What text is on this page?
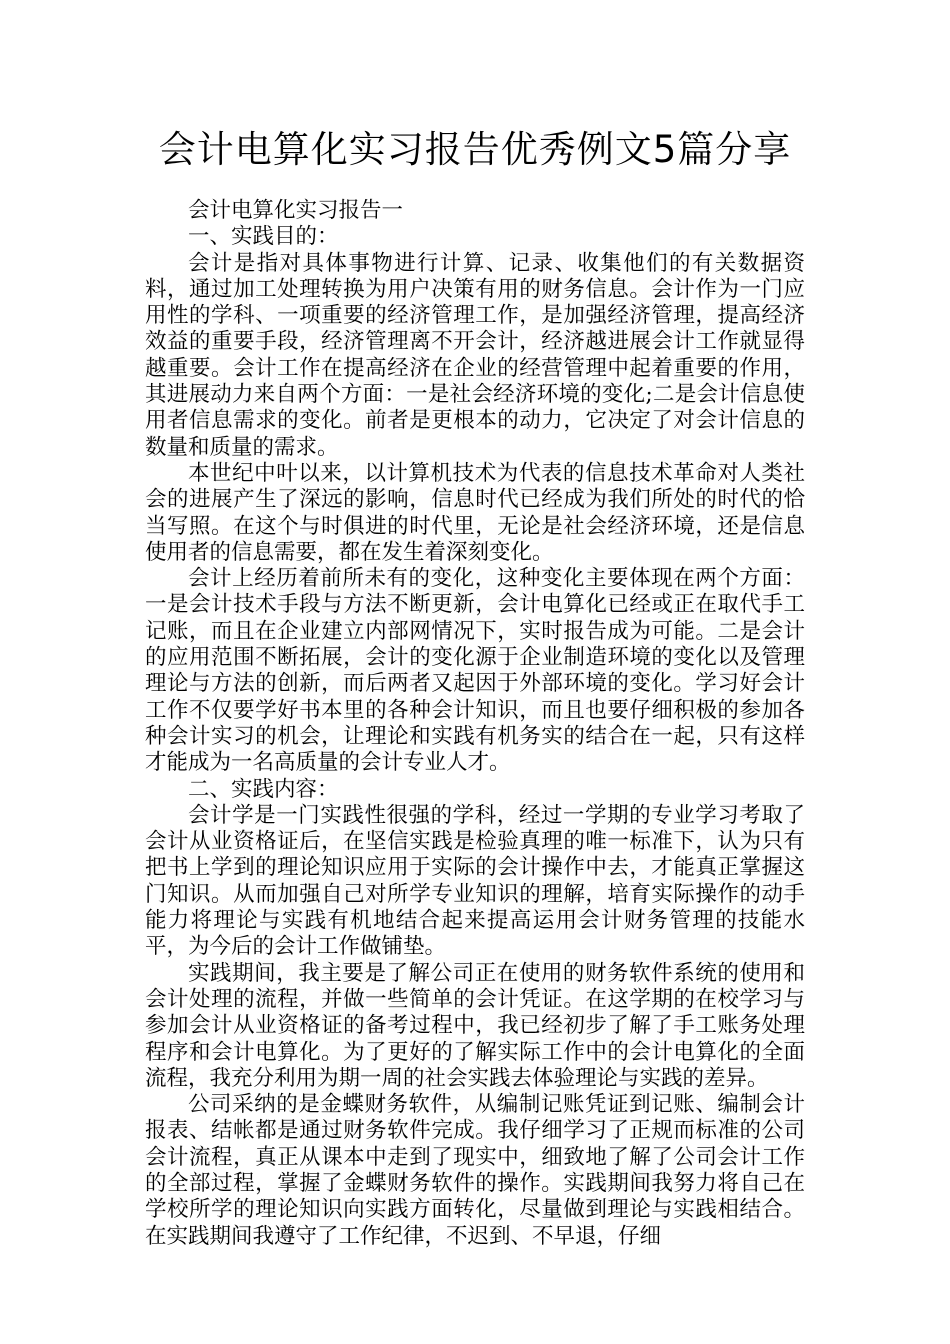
会计电算化实习报告优秀例文5篇分享

会计电算化实习报告一

一、实践目的：

会计是指对具体事物进行计算、记录、收集他们的有关数据资料，通过加工处理转换为用户决策有用的财务信息。会计作为一门应用性的学科、一项重要的经济管理工作，是加强经济管理，提高经济效益的重要手段，经济管理离不开会计，经济越进展会计工作就显得越重要。会计工作在提高经济在企业的经营管理中起着重要的作用，其进展动力来自两个方面：一是社会经济环境的变化;二是会计信息使用者信息需求的变化。前者是更根本的动力，它决定了对会计信息的数量和质量的需求。

本世纪中叶以来，以计算机技术为代表的信息技术革命对人类社会的进展产生了深远的影响，信息时代已经成为我们所处的时代的恰当写照。在这个与时俱进的时代里，无论是社会经济环境，还是信息使用者的信息需要，都在发生着深刻变化。

会计上经历着前所未有的变化，这种变化主要体现在两个方面：一是会计技术手段与方法不断更新，会计电算化已经或正在取代手工记账，而且在企业建立内部网情况下，实时报告成为可能。二是会计的应用范围不断拓展，会计的变化源于企业制造环境的变化以及管理理论与方法的创新，而后两者又起因于外部环境的变化。学习好会计工作不仅要学好书本里的各种会计知识，而且也要仔细积极的参加各种会计实习的机会，让理论和实践有机务实的结合在一起，只有这样才能成为一名高质量的会计专业人才。

二、实践内容：

会计学是一门实践性很强的学科，经过一学期的专业学习考取了会计从业资格证后，在坚信实践是检验真理的唯一标准下，认为只有把书上学到的理论知识应用于实际的会计操作中去，才能真正掌握这门知识。从而加强自己对所学专业知识的理解，培育实际操作的动手能力将理论与实践有机地结合起来提高运用会计财务管理的技能水平，为今后的会计工作做铺垫。

实践期间，我主要是了解公司正在使用的财务软件系统的使用和会计处理的流程，并做一些简单的会计凭证。在这学期的在校学习与参加会计从业资格证的备考过程中，我已经初步了解了手工账务处理程序和会计电算化。为了更好的了解实际工作中的会计电算化的全面流程，我充分利用为期一周的社会实践去体验理论与实践的差异。

公司采纳的是金蝶财务软件，从编制记账凭证到记账、编制会计报表、结帐都是通过财务软件完成。我仔细学习了正规而标准的公司会计流程，真正从课本中走到了现实中，细致地了解了公司会计工作的全部过程，掌握了金蝶财务软件的操作。实践期间我努力将自己在学校所学的理论知识向实践方面转化，尽量做到理论与实践相结合。在实践期间我遵守了工作纪律，不迟到、不早退，仔细
